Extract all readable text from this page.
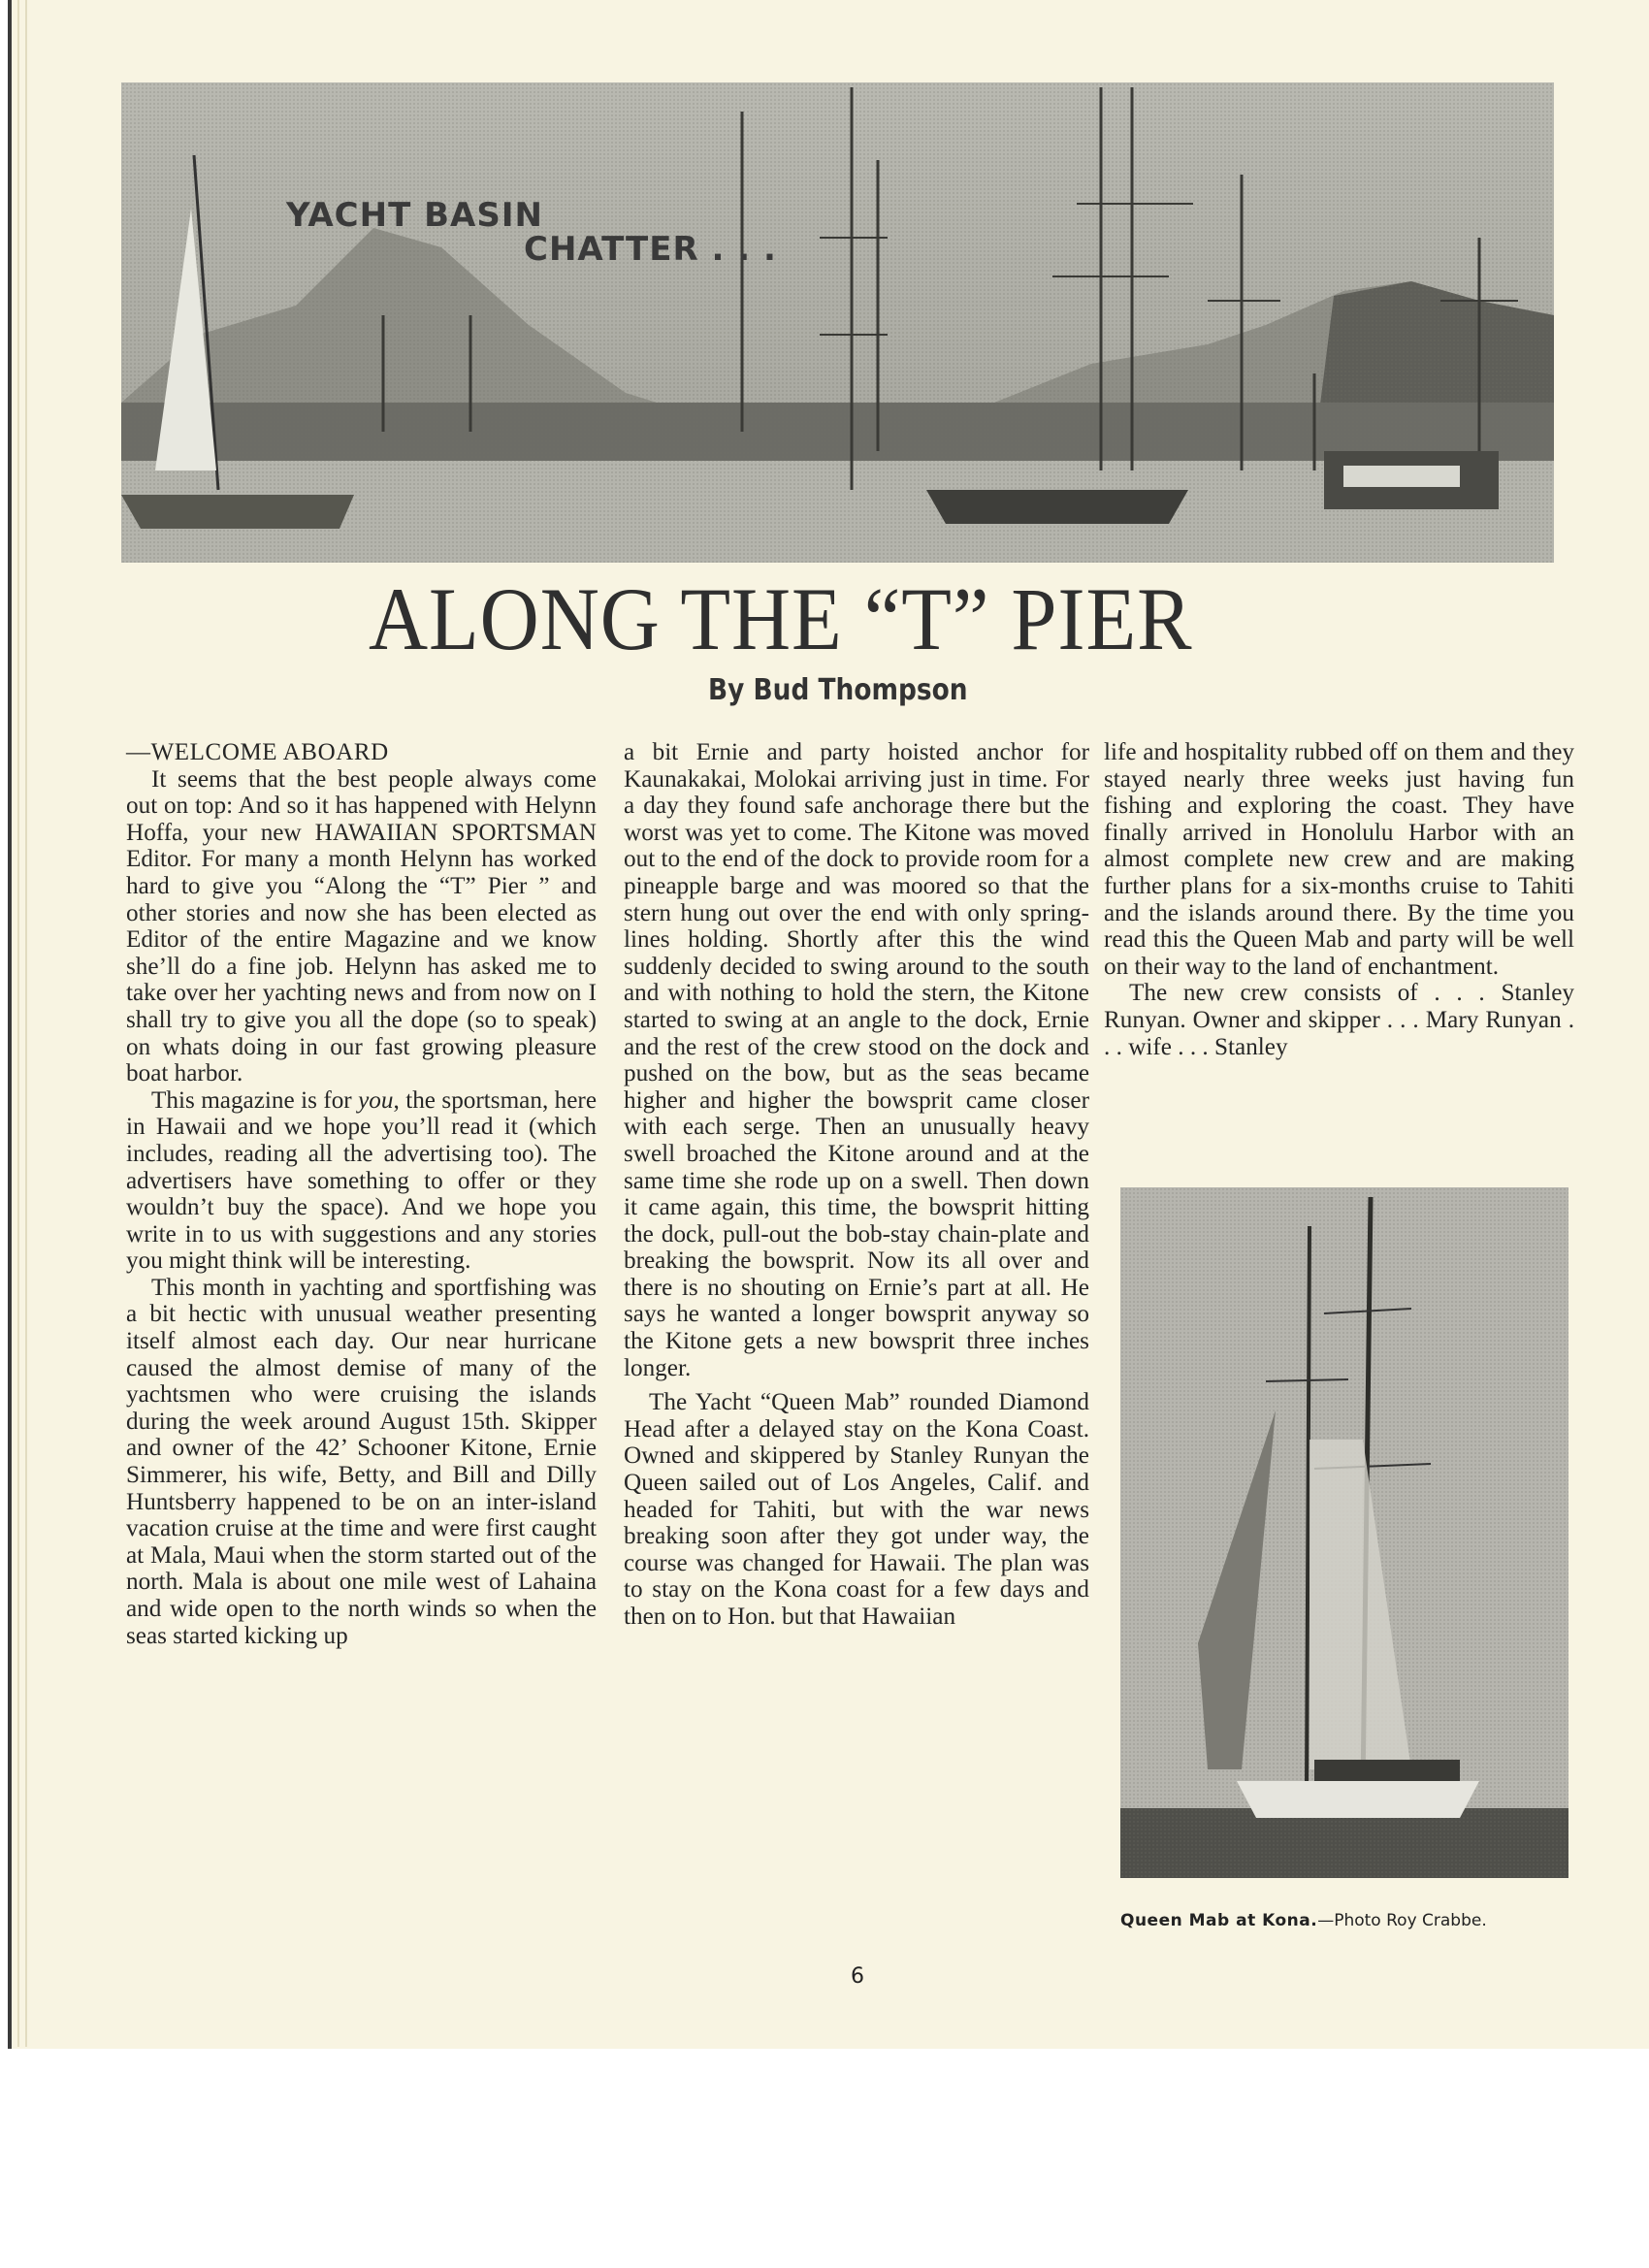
YACHT BASIN
CHATTER . . .
ALONG THE “T” PIER
By Bud Thompson

—WELCOME ABOARD

It seems that the best people always come out on top: And so it has happened with Helynn Hoffa, your new HAWAIIAN SPORTSMAN Editor. For many a month Helynn has worked hard to give you “Along the “T” Pier ” and other stories and now she has been elected as Editor of the entire Magazine and we know she’ll do a fine job. Helynn has asked me to take over her yachting news and from now on I shall try to give you all the dope (so to speak) on whats doing in our fast growing pleasure boat harbor.

This magazine is for you, the sportsman, here in Hawaii and we hope you’ll read it (which includes, reading all the advertising too). The advertisers have something to offer or they wouldn’t buy the space). And we hope you write in to us with suggestions and any stories you might think will be interesting.

This month in yachting and sportfishing was a bit hectic with unusual weather presenting itself almost each day. Our near hurricane caused the almost demise of many of the yachtsmen who were cruising the islands during the week around August 15th. Skipper and owner of the 42’ Schooner Kitone, Ernie Simmerer, his wife, Betty, and Bill and Dilly Huntsberry happened to be on an inter-island vacation cruise at the time and were first caught at Mala, Maui when the storm started out of the north. Mala is about one mile west of Lahaina and wide open to the north winds so when the seas started kicking up

a bit Ernie and party hoisted anchor for Kaunakakai, Molokai arriving just in time. For a day they found safe anchorage there but the worst was yet to come. The Kitone was moved out to the end of the dock to provide room for a pineapple barge and was moored so that the stern hung out over the end with only spring-lines holding. Shortly after this the wind suddenly decided to swing around to the south and with nothing to hold the stern, the Kitone started to swing at an angle to the dock, Ernie and the rest of the crew stood on the dock and pushed on the bow, but as the seas became higher and higher the bowsprit came closer with each serge. Then an unusually heavy swell broached the Kitone around and at the same time she rode up on a swell. Then down it came again, this time, the bowsprit hitting the dock, pull-out the bob-stay chain-plate and breaking the bowsprit. Now its all over and there is no shouting on Ernie’s part at all. He says he wanted a longer bowsprit anyway so the Kitone gets a new bowsprit three inches longer.

The Yacht “Queen Mab” rounded Diamond Head after a delayed stay on the Kona Coast. Owned and skippered by Stanley Runyan the Queen sailed out of Los Angeles, Calif. and headed for Tahiti, but with the war news breaking soon after they got under way, the course was changed for Hawaii. The plan was to stay on the Kona coast for a few days and then on to Hon. but that Hawaiian

life and hospitality rubbed off on them and they stayed nearly three weeks just having fun fishing and exploring the coast. They have finally arrived in Honolulu Harbor with an almost complete new crew and are making further plans for a six-months cruise to Tahiti and the islands around there. By the time you read this the Queen Mab and party will be well on their way to the land of enchantment.

The new crew consists of . . . Stanley Runyan. Owner and skipper . . . Mary Runyan . . . wife . . . Stanley

Queen Mab at Kona.—Photo Roy Crabbe.
6
